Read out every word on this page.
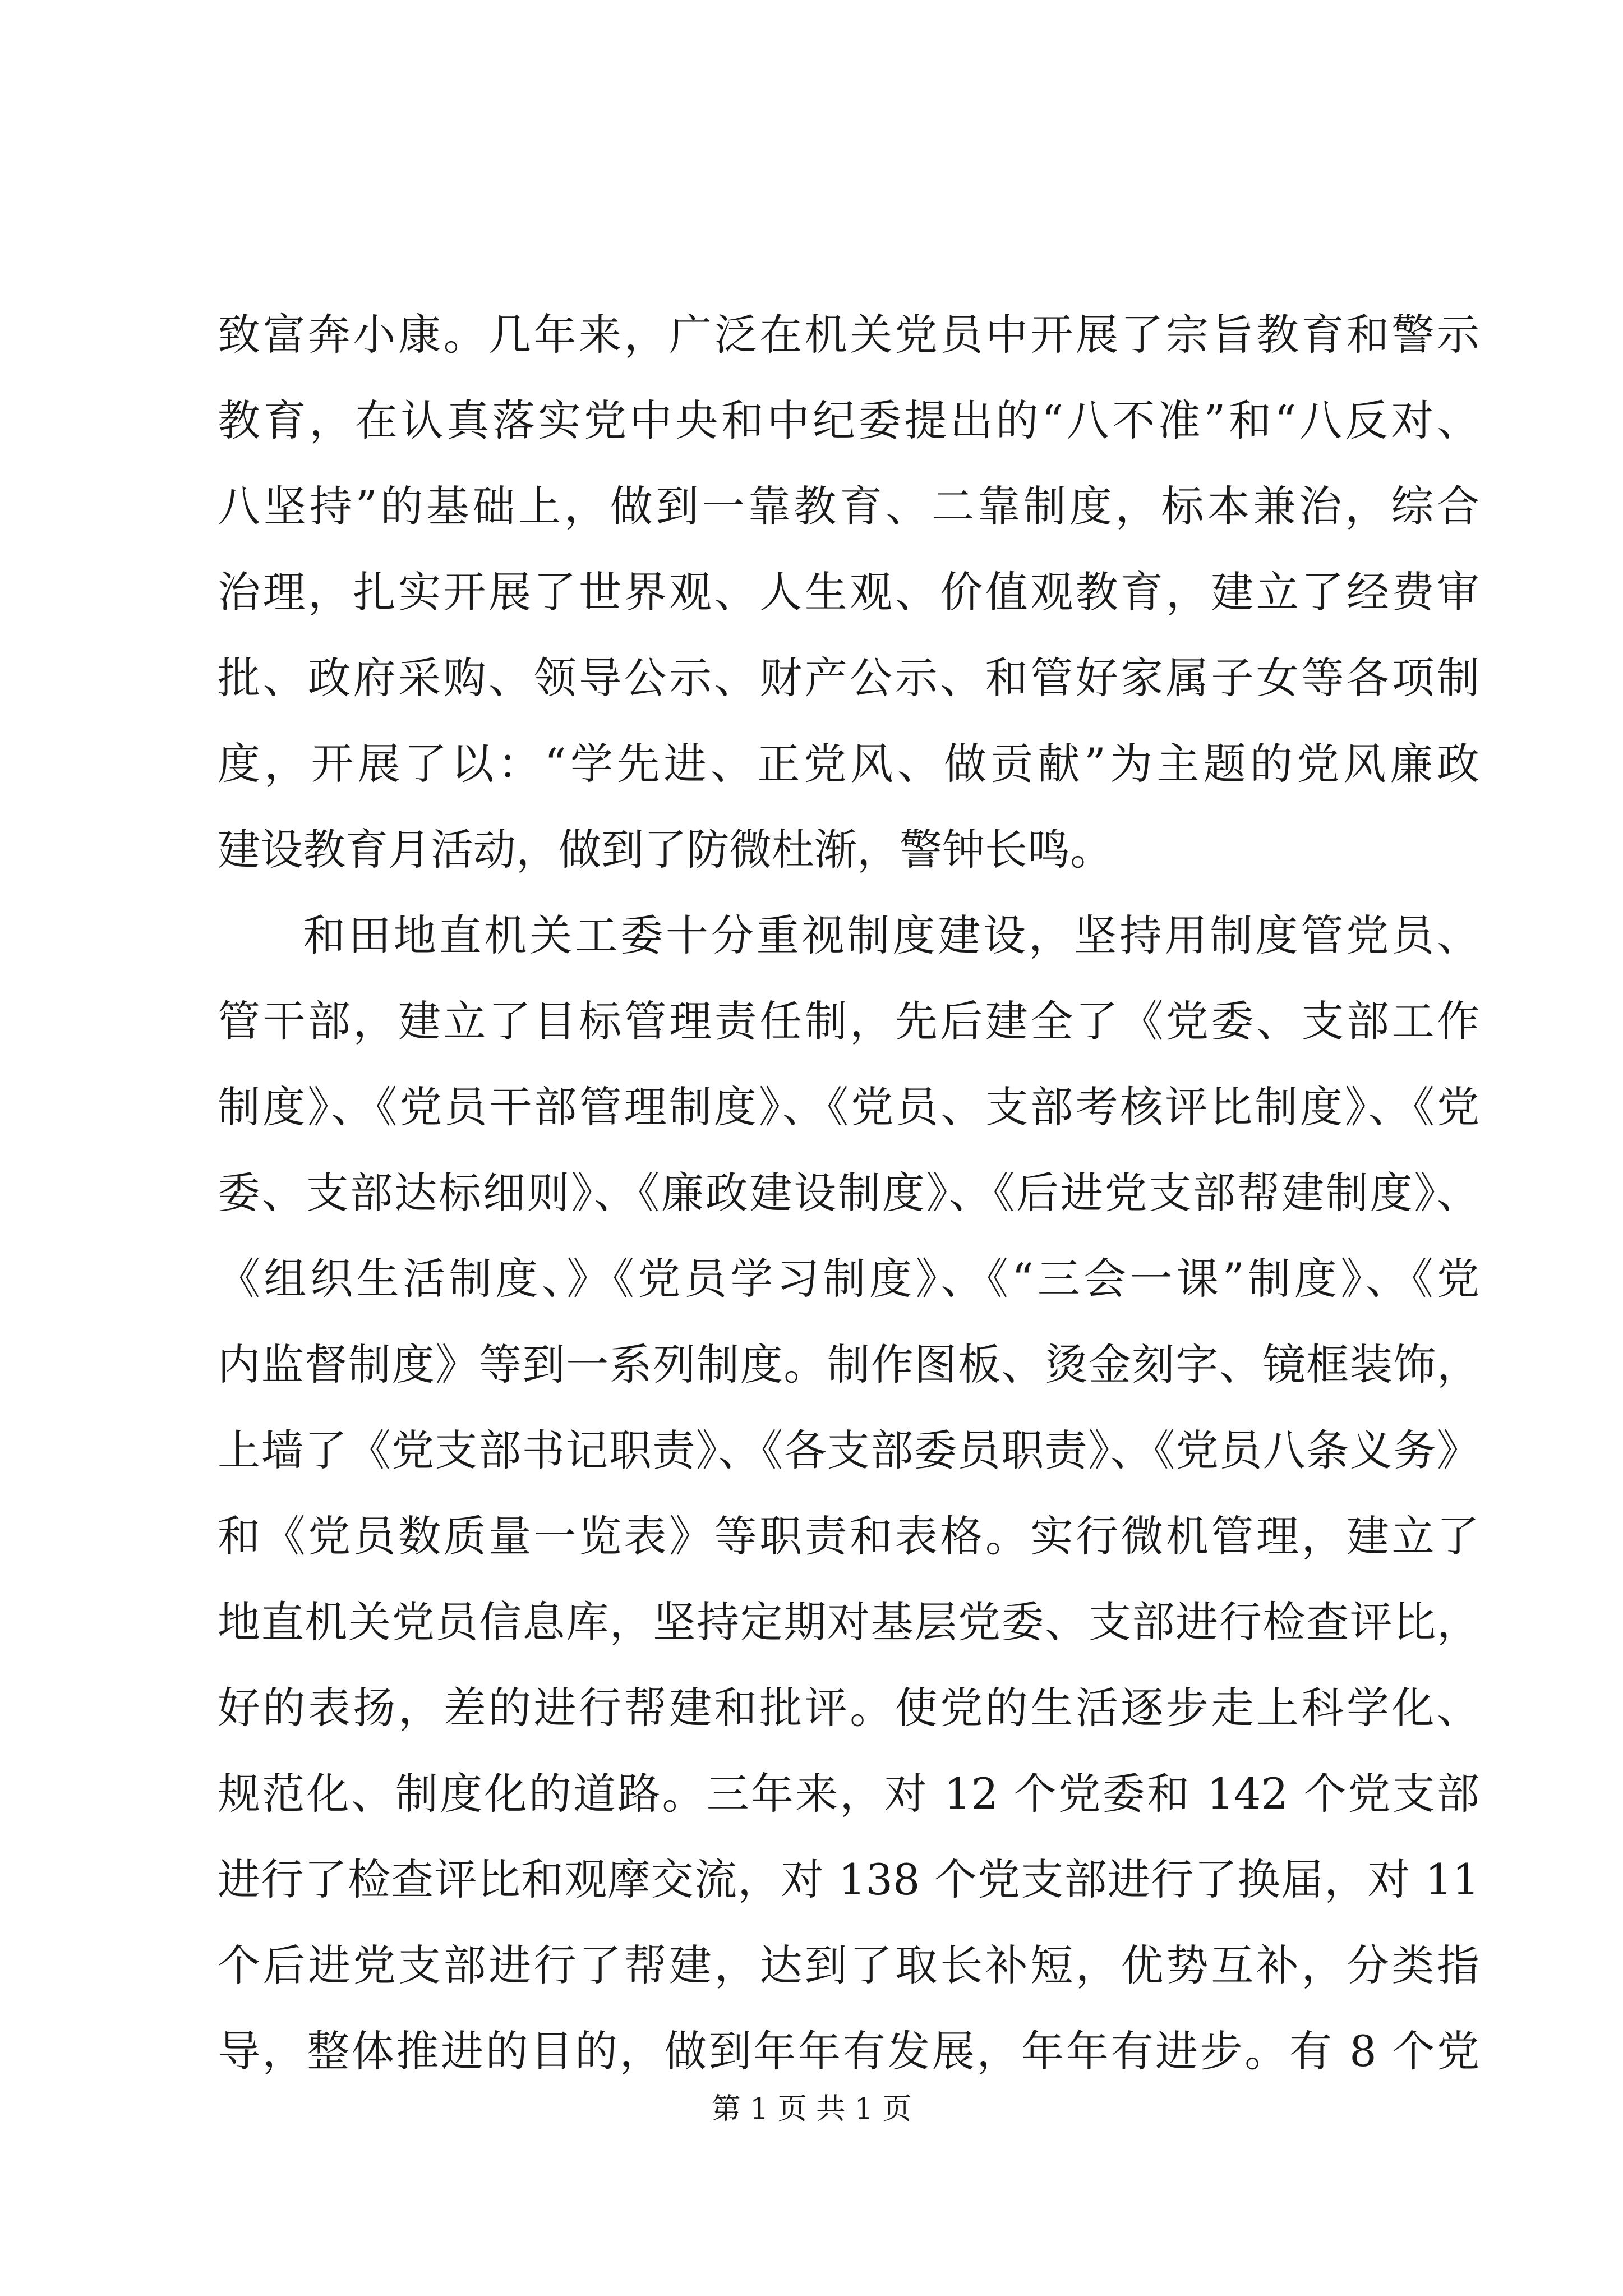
致富奔小康。几年来，广泛在机关党员中开展了宗旨教育和警示
教育，在认真落实党中央和中纪委提出的“八不准”和“八反对、
八坚持”的基础上，做到一靠教育、二靠制度，标本兼治，综合
治理，扎实开展了世界观、人生观、价值观教育，建立了经费审
批、政府采购、领导公示、财产公示、和管好家属子女等各项制
度，开展了以：“学先进、正党风、做贡献”为主题的党风廉政
建设教育月活动，做到了防微杜渐，警钟长鸣。
和田地直机关工委十分重视制度建设，坚持用制度管党员、
管干部，建立了目标管理责任制，先后建全了《党委、支部工作
制度》、《党员干部管理制度》、《党员、支部考核评比制度》、《党
委、支部达标细则》、《廉政建设制度》、《后进党支部帮建制度》、
《组织生活制度、》《党员学习制度》、《“三会一课”制度》、《党
内监督制度》等到一系列制度。制作图板、烫金刻字、镜框装饰，
上墙了《党支部书记职责》、《各支部委员职责》、《党员八条义务》
和《党员数质量一览表》等职责和表格。实行微机管理，建立了
地直机关党员信息库，坚持定期对基层党委、支部进行检查评比，
好的表扬，差的进行帮建和批评。使党的生活逐步走上科学化、
规范化、制度化的道路。三年来，对 12 个党委和 142 个党支部
进行了检查评比和观摩交流，对 138 个党支部进行了换届，对 11
个后进党支部进行了帮建，达到了取长补短，优势互补，分类指
导，整体推进的目的，做到年年有发展，年年有进步。有 8 个党
第 1 页 共 1 页
